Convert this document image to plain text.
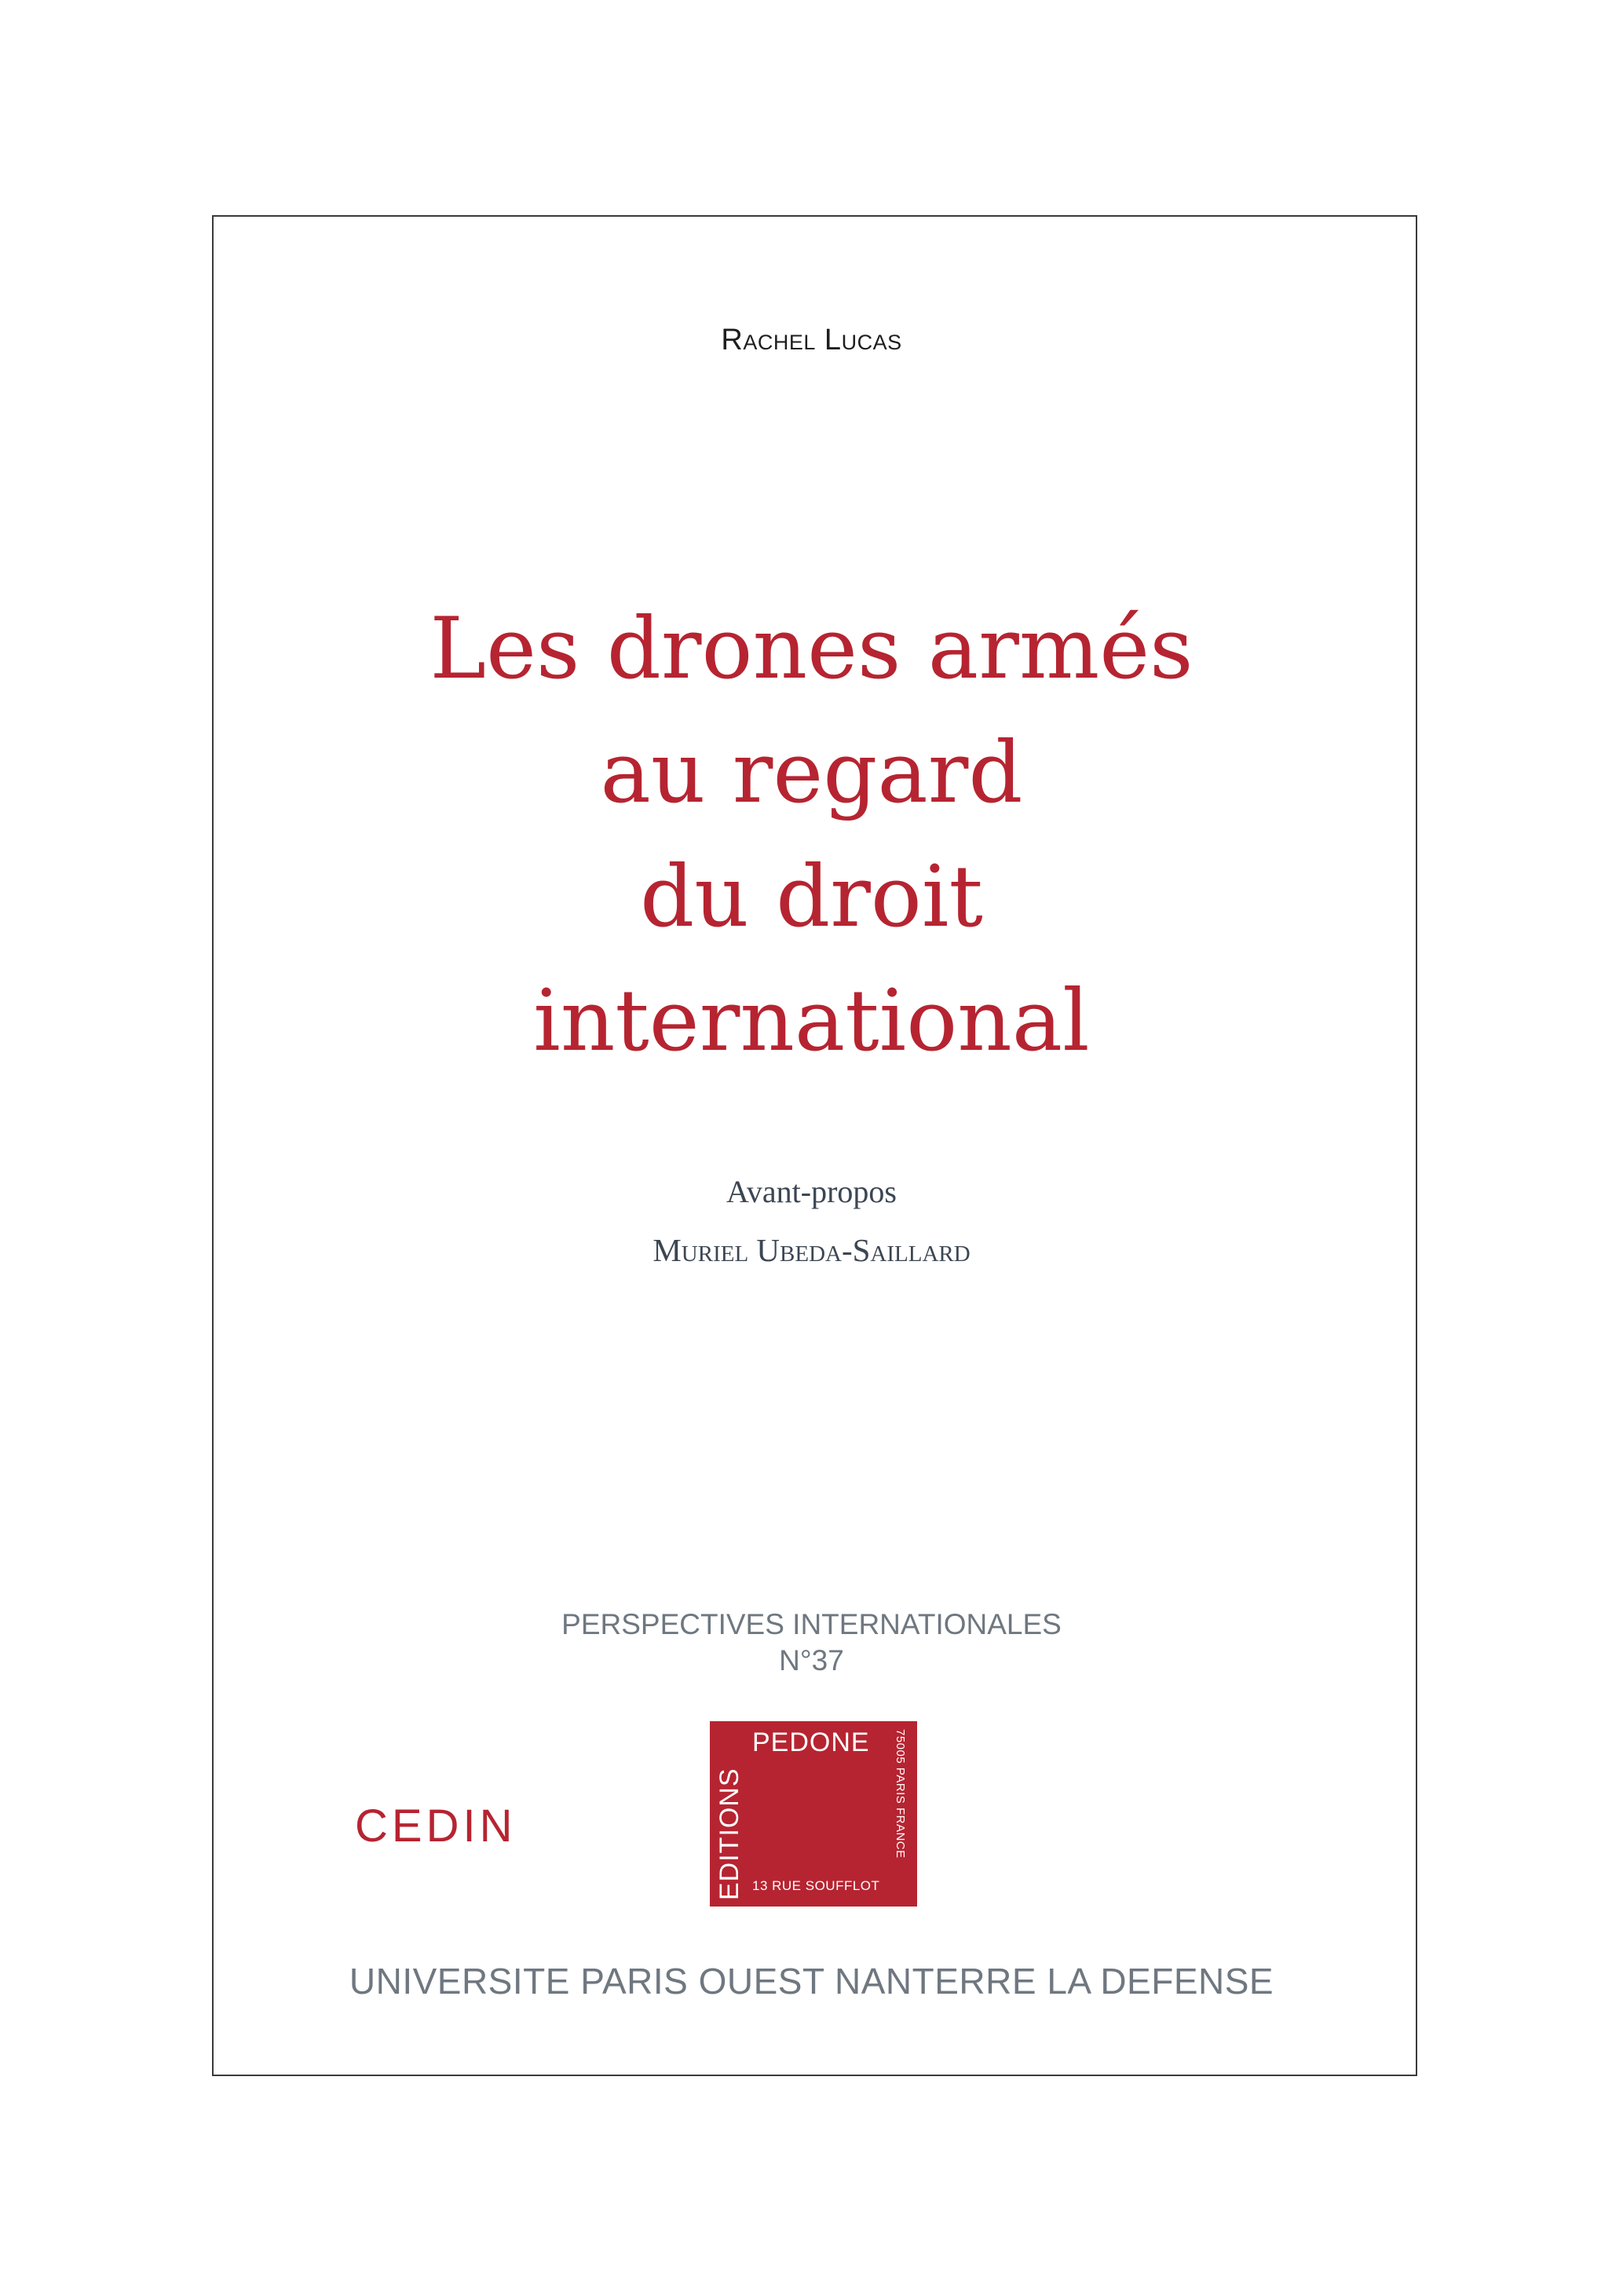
Rachel Lucas
Les drones armés
au regard
du droit
international
Avant-propos
Muriel Ubeda-Saillard
PERSPECTIVES INTERNATIONALES
N°37
CEDIN	EDITIONS
PEDONE
13 RUE SOUFFLOT
75005 PARIS FRANCE
UNIVERSITE PARIS OUEST NANTERRE LA DEFENSE
